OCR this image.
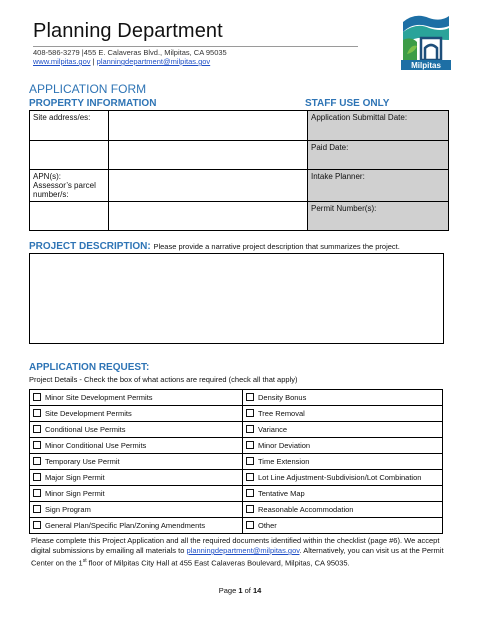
Planning Department
408-586-3279 |455 E. Calaveras Blvd., Milpitas, CA 95035
www.milpitas.gov | planningdepartment@milpitas.gov	Milpitas
APPLICATION FORM
PROPERTY INFORMATION	STAFF USE ONLY
Site address/es:		Application Submittal Date:
		Paid Date:

APN(s):
Assessor’s parcel
number/s:		Intake Planner:
		Permit Number(s):
PROJECT DESCRIPTION: Please provide a narrative project description that summarizes the project.
APPLICATION REQUEST:
Project Details - Check the box of what actions are required (check all that apply)
Minor Site Development Permits	Density Bonus
Site Development Permits	Tree Removal
Conditional Use Permits	Variance
Minor Conditional Use Permits	Minor Deviation
Temporary Use Permit	Time Extension
Major Sign Permit	Lot Line Adjustment-Subdivision/Lot Combination
Minor Sign Permit	Tentative Map
Sign Program	Reasonable Accommodation
General Plan/Specific Plan/Zoning Amendments	Other
Please complete this Project Application and all the required documents identified within the checklist (page #6). We accept digital submissions by emailing all materials to planningdepartment@milpitas.gov. Alternatively, you can visit us at the Permit Center on the 1st floor of Milpitas City Hall at 455 East Calaveras Boulevard, Milpitas, CA 95035.
Page 1 of 14
